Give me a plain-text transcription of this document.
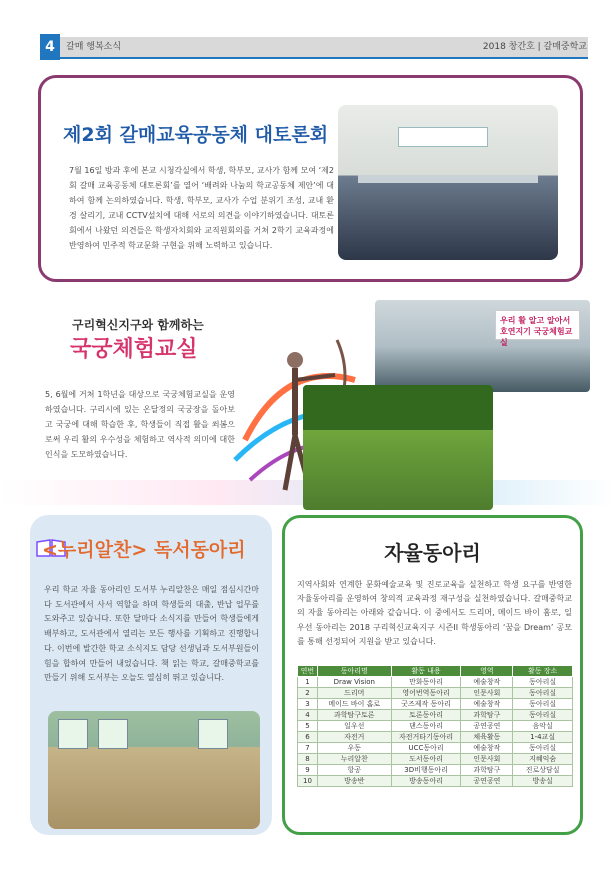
4	갈매 행복소식	2018 창간호 | 갈매중학교
제2회 갈매교육공동체 대토론회
7월 16일 방과 후에 본교 시청각실에서 학생, 학부모, 교사가 함께 모여 ‘제2회 갈매 교육공동체 대토론회’를 열어 ‘배려와 나눔의 학교공동체 제안’에 대하여 함께 논의하였습니다. 학생, 학부모, 교사가 수업 분위기 조성, 교내 환경 살리기, 교내 CCTV설치에 대해 서로의 의견을 이야기하였습니다. 대토론회에서 나왔던 의견들은 학생자치회와 교직원회의를 거쳐 2학기 교육과정에 반영하여 민주적 학교문화 구현을 위해 노력하고 있습니다.
구리혁신지구와 함께하는
국궁체험교실
5, 6월에 거쳐 1학년을 대상으로 국궁체험교실을 운영하였습니다. 구리시에 있는 온달정의 국궁장을 돌아보고 국궁에 대해 학습한 후, 학생들이 직접 활을 쐬봄으로써 우리 활의 우수성을 체험하고 역사적 의미에 대한 인식을 도모하였습니다.
우리 활 알고 알아서 호연지기 국궁체험교실
<누리알찬> 독서동아리
우리 학교 자율 동아리인 도서부 누리알찬은 매일 점심시간마다 도서관에서 사서 역할을 하며 학생들의 대출, 반납 업무를 도와주고 있습니다. 또한 달마다 소식지를 만들어 학생들에게 배부하고, 도서관에서 열리는 모든 행사를 기획하고 진행합니다. 이번에 발간한 학교 소식지도 담당 선생님과 도서부원들이 힘을 합하여 만들어 내었습니다. 책 읽는 학교, 갈매중학교를 만들기 위해 도서부는 오늘도 열심히 뛰고 있습니다.
자율동아리
지역사회와 연계한 문화예술교육 및 진로교육을 실천하고 학생 요구를 반영한 자율동아리를 운영하여 창의적 교육과정 재구성을 실천하였습니다. 갈매중학교의 자율 동아리는 아래와 같습니다. 이 중에서도 드리머, 메이드 바이 홈로, 일우선 동아리는 2018 구리혁신교육지구 시즌II 학생동아리 ‘꿈을 Dream’ 공모를 통해 선정되어 지원을 받고 있습니다.
연번	동아리명	활동 내용	영역	활동 장소
1	Draw Vision	만화동아리	예술창작	동아리실
2	드리머	영어번역동아리	인문사회	동아리실
3	메이드 바이 홈로	굿즈제작 동아리	예술창작	동아리실
4	과학탐구토론	토론동아리	과학탐구	동아리실
5	일우선	댄스동아리	공연공연	음악실
6	자전거	자전거타기동아리	체육활동	1-4교실
7	우동	UCC동아리	예술창작	동아리실
8	누리알찬	도서동아리	인문사회	지혜익숨
9	항공	3D비행동아리	과학탐구	진로상담실
10	방송반	방송동아리	공연공연	방송실
